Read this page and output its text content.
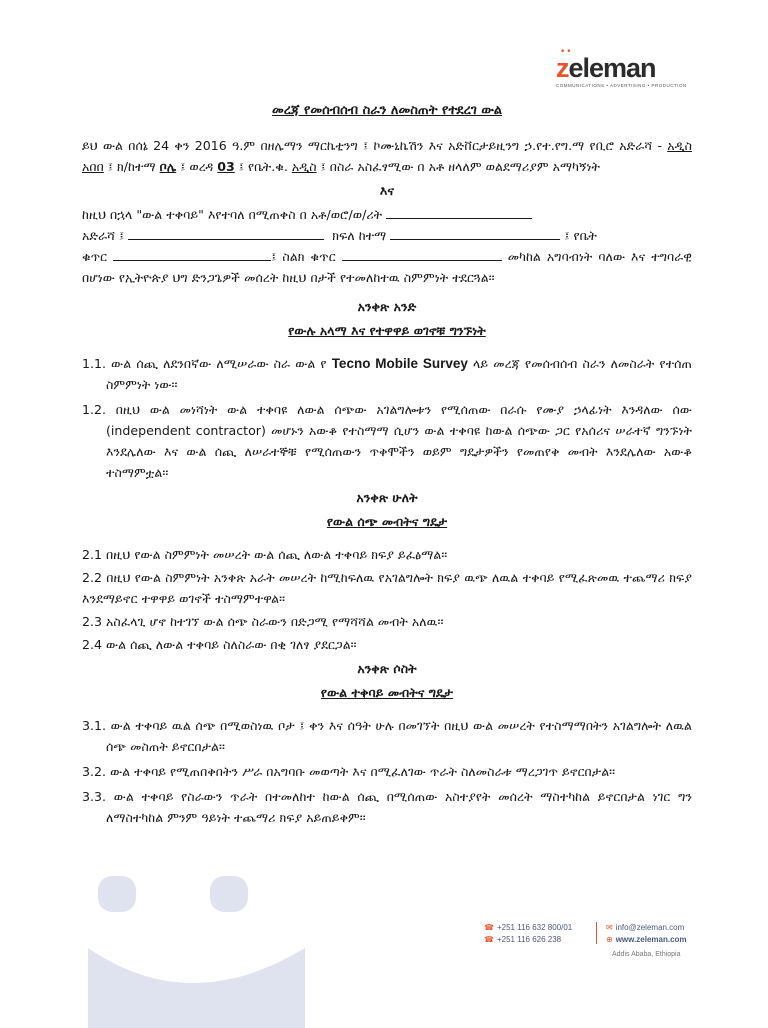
zeleman
••
COMMUNICATIONS • ADVERTISING • PRODUCTION

መረጃ የመሰብሰብ ስራን ለመስጠት የተደረገ ውል

ይህ ውል በሰኔ 24 ቀን 2016 ዓ.ም በዘሌማን ማርኬቲንግ ፤ ኮሙኒኬሽን እና አድቨርታይዚንግ ኃ.የተ.የግ.ማ የቢሮ አድራሻ - አዲስ አበበ ፤ ክ/ከተማ ቦሌ ፤ ወረዳ 03 ፤ የቤት.ቁ. አዲስ ፤ በስራ አስፈፃሚው በ አቶ ዘላለም ወልደማሪያም አማካኝነት

እና

ከዚህ በኋላ "ውል ተቀባይ" እየተባለ በሚጠቀስ በ አቶ/ወሮ/ወ/ሪት
አድራሻ ፤	ክፍለ ከተማ	፤ የቤት
ቁጥር	፤ ስልክ ቁጥር	መካከል አግባብነት ባለው እና ተግባራዊ በሆነው የኢትዮጵያ ህግ ድንጋጌዎች መሰረት ከዚህ በታች የተመለከተዉ ስምምነት ተደርጓል፡፡

አንቀጽ አንድ

የውሉ አላማ እና የተዋዋይ ወገኖቹ ግንኙነት

1.1. ውል ሰጪ ለደንበኛው ለሚሠራው ስራ ውል የ Tecno Mobile Survey ላይ መረጃ የመሰብሰብ ስራን ለመስራት የተሰጠ ስምምነት ነው፡፡

1.2. በዚህ ውል መነሻነት ውል ተቀባዩ ለውል ሰጭው አገልግሎቱን የሚሰጠው በራሱ የሙያ ኃላፊነት እንዳለው ሰው (independent contractor) መሆኑን አውቆ የተስማማ ሲሆን ውል ተቀባዩ ከውል ሰጭው ጋር የአሰሪና ሠራተኛ ግንኙነት እንደሌለው እና ውል ሰጪ ለሠራተኞቹ የሚሰጠውን ጥቅሞችን ወይም ግዴታዎችን የመጠየቅ መብት እንደሌለው አውቆ ተስማምቷል፡፡

አንቀጽ ሁለት

የውል ሰጭ መብትና ግዴታ

2.1 በዚህ የውል ስምምነት መሠረት ውል ሰጪ ለውል ተቀባይ ክፍያ ይፈፅማል፡፡

2.2 በዚህ የውል ስምምነት አንቀጽ አራት መሠረት ከሚከፍለዉ የአገልግሎት ክፍያ ዉጭ ለዉል ተቀባይ የሚፈጽመዉ ተጨማሪ ክፍያ እንደማይኖር ተዋዋይ ወገኖች ተስማምተዋል፡፡

2.3 አስፈላጊ ሆኖ ከተገኘ ውል ሰጭ ስራውን በድጋሚ የማሻሻል መብት አለዉ፡፡

2.4 ውል ሰጪ ለውል ተቀባይ ስለስራው በቂ ገለፃ ያደርጋል፡፡

አንቀጽ ሶስት

የውል ተቀባይ መብትና ግዴታ

3.1. ውል ተቀባይ ዉል ሰጭ በሚወስነዉ ቦታ ፤ ቀን እና ሰዓት ሁሉ በመገኘት በዚህ ውል መሠረት የተስማማበትን አገልግሎት ለዉል ሰጭ መስጠት ይኖርበታል፡፡

3.2. ውል ተቀባይ የሚጠበቅበትን ሥራ በአግባቡ መወጣት እና በሚፈለገው ጥራት ስለመስራቱ ማረጋገጥ ይኖርበታል፡፡

3.3. ውል ተቀባይ የስራውን ጥራት በተመለከተ ከውል ሰጪ በሚሰጠው አስተያየት መሰረት ማስተካከል ይኖርበታል ነገር ግን ለማስተካከል ምንም ዓይነት ተጨማሪ ክፍያ አይጠይቅም፡፡

☎ +251 116 632 800/01
☎ +251 116 626 238
✉ info@zeleman.com
⊕ www.zeleman.com
Addis Ababa, Ethiopia
